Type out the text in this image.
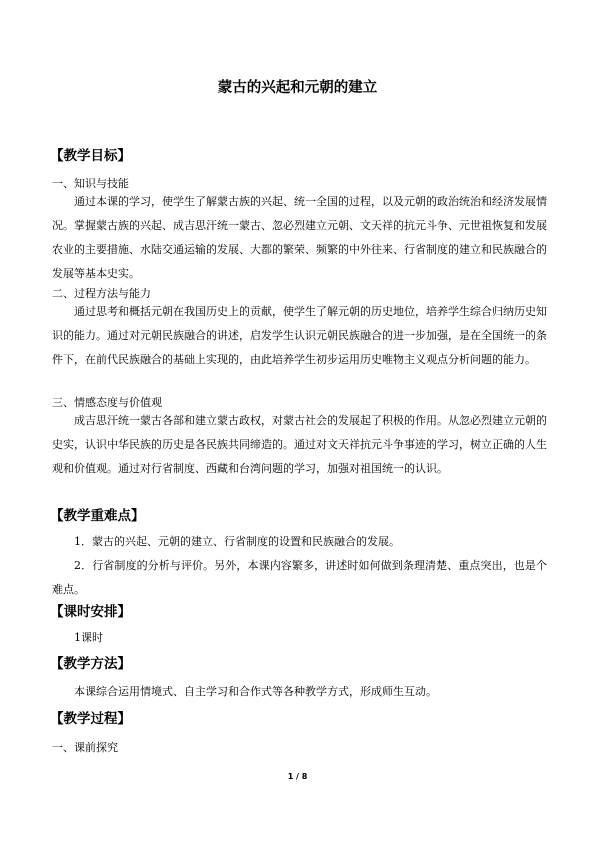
蒙古的兴起和元朝的建立
【教学目标】
一、知识与技能
通过本课的学习，使学生了解蒙古族的兴起、统一全国的过程，以及元朝的政治统治和经济发展情况。掌握蒙古族的兴起、成吉思汗统一蒙古、忽必烈建立元朝、文天祥的抗元斗争、元世祖恢复和发展农业的主要措施、水陆交通运输的发展、大都的繁荣、频繁的中外往来、行省制度的建立和民族融合的发展等基本史实。
二、过程方法与能力
通过思考和概括元朝在我国历史上的贡献，使学生了解元朝的历史地位，培养学生综合归纳历史知识的能力。通过对元朝民族融合的讲述，启发学生认识元朝民族融合的进一步加强，是在全国统一的条件下，在前代民族融合的基础上实现的，由此培养学生初步运用历史唯物主义观点分析问题的能力。
三、情感态度与价值观
成吉思汗统一蒙古各部和建立蒙古政权，对蒙古社会的发展起了积极的作用。从忽必烈建立元朝的史实，认识中华民族的历史是各民族共同缔造的。通过对文天祥抗元斗争事迹的学习，树立正确的人生观和价值观。通过对行省制度、西藏和台湾问题的学习，加强对祖国统一的认识。
【教学重难点】
1．蒙古的兴起、元朝的建立、行省制度的设置和民族融合的发展。
2．行省制度的分析与评价。另外，本课内容繁多，讲述时如何做到条理清楚、重点突出，也是个难点。
【课时安排】
1课时
【教学方法】
本课综合运用情境式、自主学习和合作式等各种教学方式，形成师生互动。
【教学过程】
一、课前探究
1 / 8
